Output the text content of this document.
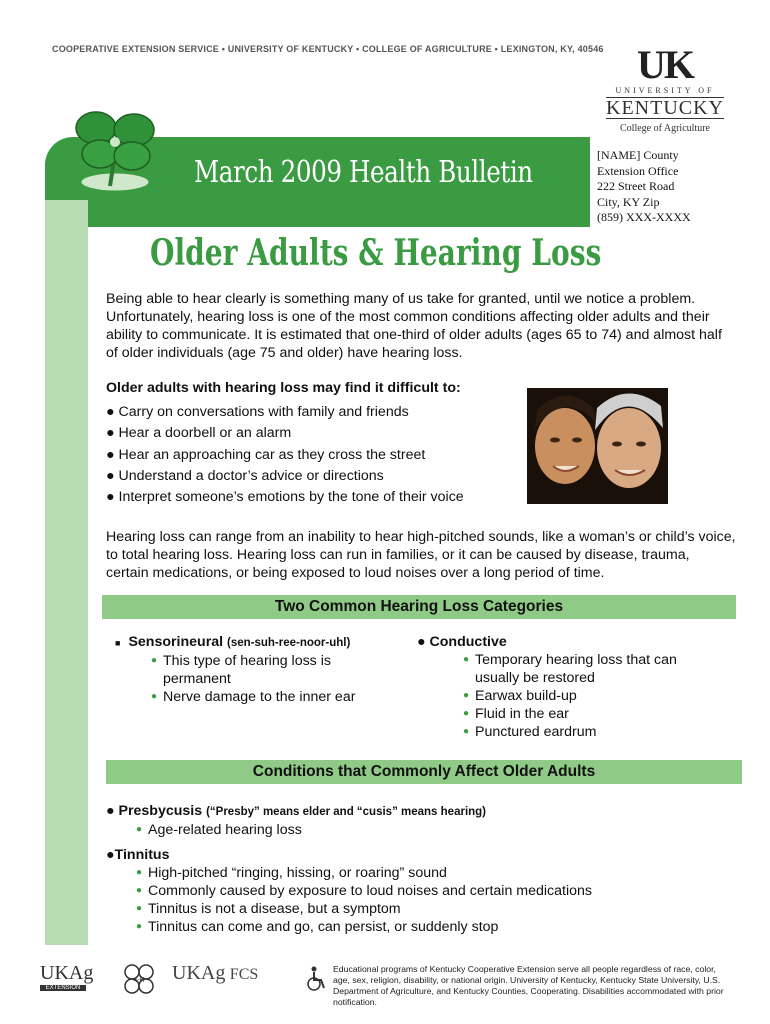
COOPERATIVE EXTENSION SERVICE • UNIVERSITY OF KENTUCKY • COLLEGE OF AGRICULTURE • LEXINGTON, KY, 40546 UK
UNIVERSITY OF
KENTUCKY
College of Agriculture
March 2009 Health Bulletin	[NAME] County
Extension Office
222 Street Road
City, KY Zip
(859) XXX-XXXX
Older Adults & Hearing Loss
Being able to hear clearly is something many of us take for granted, until we notice a problem. Unfortunately, hearing loss is one of the most common conditions affecting older adults and their ability to communicate. It is estimated that one-third of older adults (ages 65 to 74) and almost half of older individuals (age 75 and older) have hearing loss.
Older adults with hearing loss may find it difficult to:
● Carry on conversations with family and friends
● Hear a doorbell or an alarm
● Hear an approaching car as they cross the street
● Understand a doctor’s advice or directions
● Interpret someone’s emotions by the tone of their voice
Hearing loss can range from an inability to hear high-pitched sounds, like a woman’s or child’s voice, to total hearing loss. Hearing loss can run in families, or it can be caused by disease, trauma, certain medications, or being exposed to loud noises over a long period of time.
Two Common Hearing Loss Categories
■ Sensorineural (sen-suh-ree-noor-uhl)
● This type of hearing loss is permanent
● Nerve damage to the inner ear
● Conductive
● Temporary hearing loss that can usually be restored
● Earwax build-up
● Fluid in the ear
● Punctured eardrum
Conditions that Commonly Affect Older Adults
● Presbycusis (“Presby” means elder and “cusis” means hearing)
● Age-related hearing loss
●Tinnitus
● High-pitched “ringing, hissing, or roaring” sound
● Commonly caused by exposure to loud noises and certain medications
● Tinnitus is not a disease, but a symptom
● Tinnitus can come and go, can persist, or suddenly stop
UKAg
EXTENSION
4-H UKAg FCS	Educational programs of Kentucky Cooperative Extension serve all people regardless of race, color, age, sex, religion, disability, or national origin. University of Kentucky, Kentucky State University, U.S. Department of Agriculture, and Kentucky Counties, Cooperating. Disabilities accommodated with prior notification.
